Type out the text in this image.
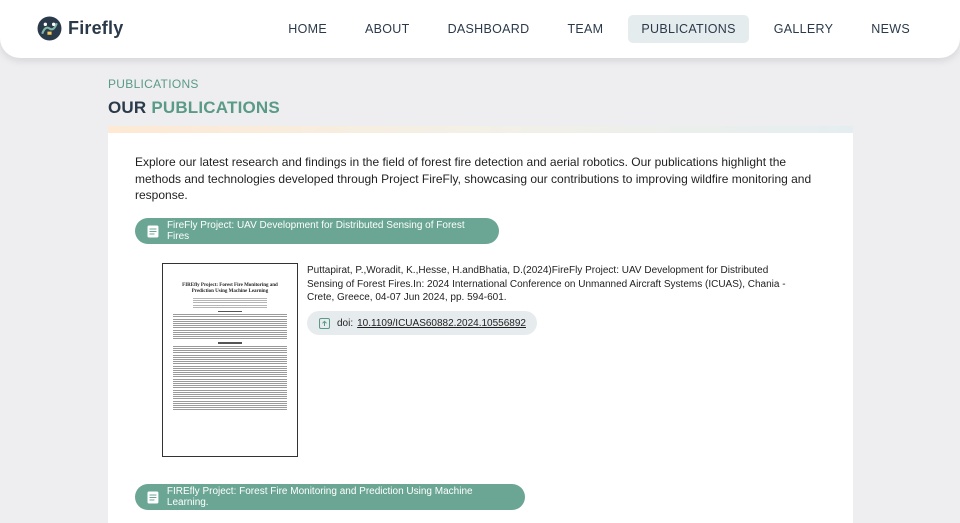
Firefly	HOME	ABOUT	DASHBOARD	TEAM	PUBLICATIONS	GALLERY	NEWS
PUBLICATIONS
OUR PUBLICATIONS

Explore our latest research and findings in the field of forest fire detection and aerial robotics. Our publications highlight the methods and technologies developed through Project FireFly, showcasing our contributions to improving wildfire monitoring and response.

FireFly Project: UAV Development for Distributed Sensing of Forest Fires
FIREfly Project: Forest Fire Monitoring and Prediction Using Machine Learning

Puttapirat, P.,Woradit, K.,Hesse, H.andBhatia, D.(2024)FireFly Project: UAV Development for Distributed Sensing of Forest Fires.In: 2024 International Conference on Unmanned Aircraft Systems (ICUAS), Chania - Crete, Greece, 04-07 Jun 2024, pp. 594-601.

doi: 10.1109/ICUAS60882.2024.10556892
FIREfly Project: Forest Fire Monitoring and Prediction Using Machine Learning.
